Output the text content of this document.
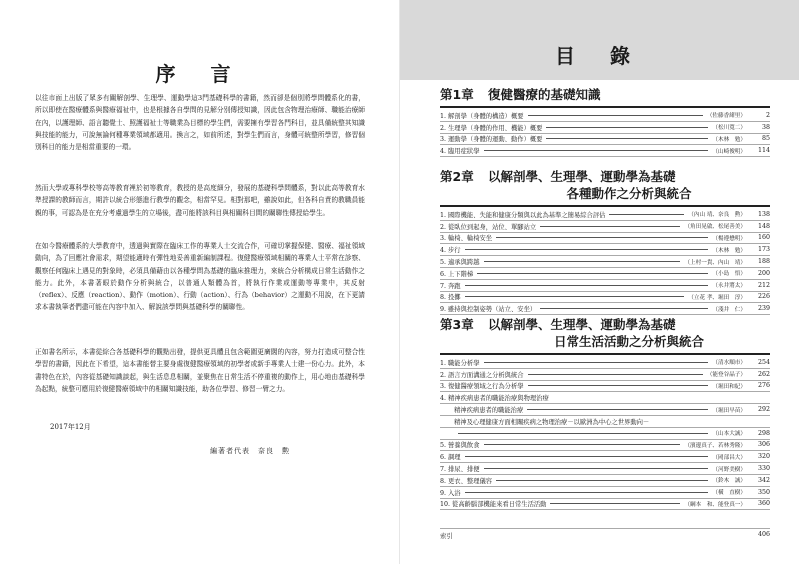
序 言

以往市面上出版了眾多有關解剖學、生理學、運動學這3門基礎科學的書籍，然而卻是個別將學問體系化的書，所以即使在醫療體系與醫療福祉中，也是根據各自學問的見解分別傳授知識，因此包含物理治療師、職能治療師在內，以護理師、語言聽覺士、照護福祉士等職業為目標的學生們，需要擁有學習各門科目，並具備統整其知識與技能的能力，可說無論何種專業領域都適用。換言之，如前所述，對學生們而言，身體可統整所學習，修習個別科目的能力是相當重要的一環。

然而大學或專科學校等高等教育裡於初等教育，教授的是高度細分，發展的基礎科學問體系，對以此高等教育水準授課的教師而言，期許以統合形態進行教學的觀念，相當罕見。相對那吧，雖說如此，但各科自責的教職員能親的事，可認為是在充分考慮過學生的立場後，盡可能將該科目與相關科目間的關聯性傳授給學生。

在如今醫療體系的大學教育中，透過與實際在臨床工作的專業人士交流合作，可確切掌握保健、醫療、福祉領域動向，為了回應社會需求，期望能適時有彈性地妥善重新編制課程。復健醫療領域相關的專業人士平常在診察、觀察任何臨床上遇見的對象時，必須具備藉由以各種學問為基礎的臨床推理力，來統合分析構成日常生活動作之能力。此外，本書著眼於動作分析與統合，以普通人類體為首，將執行作業或運動等專業中，其反射（reflex）、反應（reaction）、動作（motion）、行動（action）、行為（behavior）之運動不用說，在下更請求本書執筆者們盡可能在內容中加入、解說該學問與基礎科學的關聯性。

正如書名所示，本書從綜合各基礎科學的觀點出發，提供更具體且包含範圍更廣闊的內容，努力打造成可整合性學習的書籍，因此在下希望，這本書能替主要身處復健醫療領域的初學者或新手專業人士建一份心力。此外，本書特色在於，內容從基礎知識談起，與生活息息相關，並聚焦在日常生活不停重複的動作上，用心地由基礎科學為起點，統整可應用於復健醫療領域中的相關知識技能，助各位學習、修習一臂之力。

2017年12月
編著者代表　奈良　勲
目 錄
第1章	復健醫療的基礎知識
1. 解剖學（身體的構造）概要	（佐藤香緒里）	2
2. 生理學（身體的作用、機能）概要	（松川寬二）	38
3. 運動學（身體的運動、動作）概要	（木林　勉）	85
4. 臨用症狀學	（山崎俊明）	114
第2章	以解剖學、生理學、運動學為基礎
各種動作之分析與統合
1. 國際機能、失能和健康分類與以此為基準之簡易綜合評估	（內山 靖、奈良　勲）	138
2. 從臥位到起身，站位、單腳站立	（角田晃啟、松尾善美）	148
3. 輪椅、輪椅安坐	（楊遵懋明）	160
4. 步行	（木林　勉）	173
5. 適承與跨越	（上村一貴、內山　靖）	188
6. 上下階梯	（小島　悟）	200
7. 奔跑	（永井將太）	212
8. 投擲	（立花 孝、堀田　淳）	226
9. 雖持與控制姿勢（站立、安坐）	（淺井　仁）	239
第3章	以解剖學、生理學、運動學為基礎
日常生活活動之分析與統合
1. 職能分析學	（清水順市）	254
2. 語言方面溝通之分析與統合	（能登谷晶子）	262
3. 復健醫療領域之行為分析學	（堀田和紀）	276
4. 精神疾病患者的職能治療與物理治療
精神疾病患者的職能治療	（堀田早苗）	292
精神及心理健康方面相關疾病之物理治療－以歐洲為中心之世界動向－
（山本大誠）	298
5. 營養與飲食	（濱邊真子、若林秀隆）	306
6. 調理	（岡部昌大）	320
7. 排尿、排便	（河野美樹）	330
8. 更衣、整理儀容	（鈴木　誠）	342
9. 入浴	（橫　直樹）	350
10. 從高齡腦部機能來看日常生活活動	（綱本　和、能登真一）	360
索引	406
